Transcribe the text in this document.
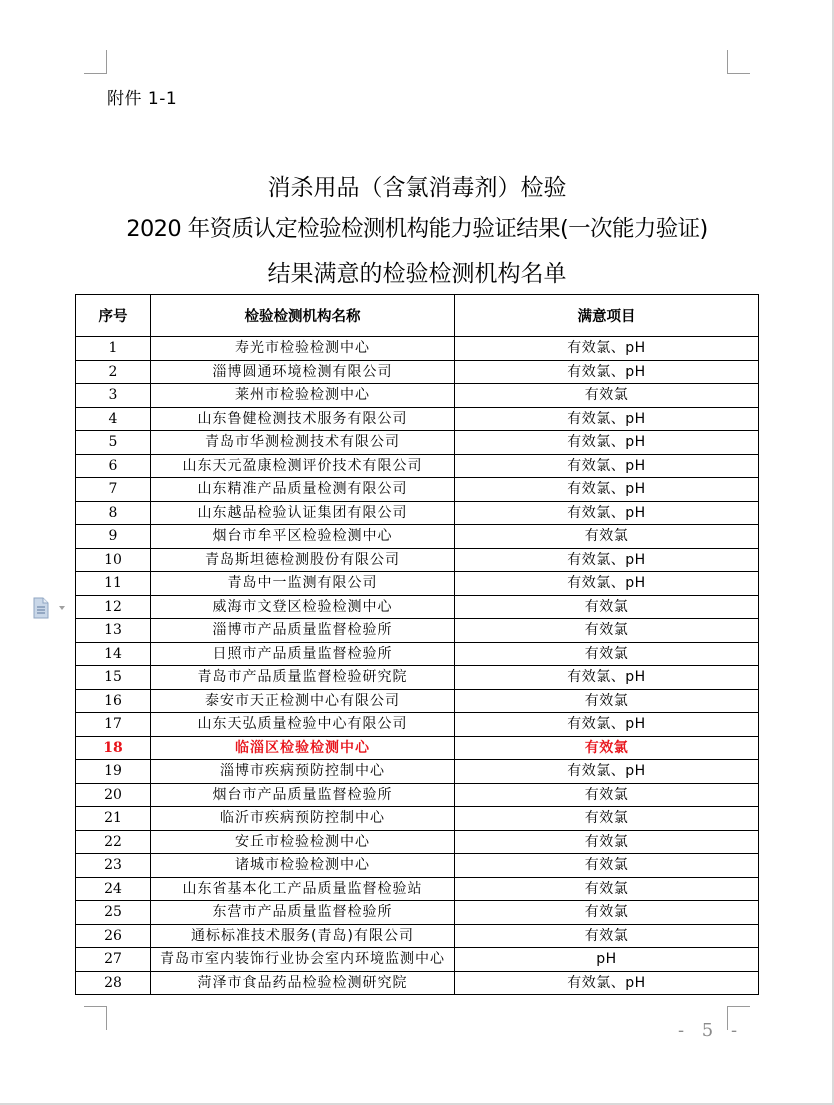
附件 1-1
消杀用品（含氯消毒剂）检验
2020 年资质认定检验检测机构能力验证结果(一次能力验证)
结果满意的检验检测机构名单
序号	检验检测机构名称	满意项目
1	寿光市检验检测中心	有效氯、pH
2	淄博圆通环境检测有限公司	有效氯、pH
3	莱州市检验检测中心	有效氯
4	山东鲁健检测技术服务有限公司	有效氯、pH
5	青岛市华测检测技术有限公司	有效氯、pH
6	山东天元盈康检测评价技术有限公司	有效氯、pH
7	山东精准产品质量检测有限公司	有效氯、pH
8	山东越品检验认证集团有限公司	有效氯、pH
9	烟台市牟平区检验检测中心	有效氯
10	青岛斯坦德检测股份有限公司	有效氯、pH
11	青岛中一监测有限公司	有效氯、pH
12	威海市文登区检验检测中心	有效氯
13	淄博市产品质量监督检验所	有效氯
14	日照市产品质量监督检验所	有效氯
15	青岛市产品质量监督检验研究院	有效氯、pH
16	泰安市天正检测中心有限公司	有效氯
17	山东天弘质量检验中心有限公司	有效氯、pH
18	临淄区检验检测中心	有效氯
19	淄博市疾病预防控制中心	有效氯、pH
20	烟台市产品质量监督检验所	有效氯
21	临沂市疾病预防控制中心	有效氯
22	安丘市检验检测中心	有效氯
23	诸城市检验检测中心	有效氯
24	山东省基本化工产品质量监督检验站	有效氯
25	东营市产品质量监督检验所	有效氯
26	通标标准技术服务(青岛)有限公司	有效氯
27	青岛市室内装饰行业协会室内环境监测中心	pH
28	菏泽市食品药品检验检测研究院	有效氯、pH
- 5 -
